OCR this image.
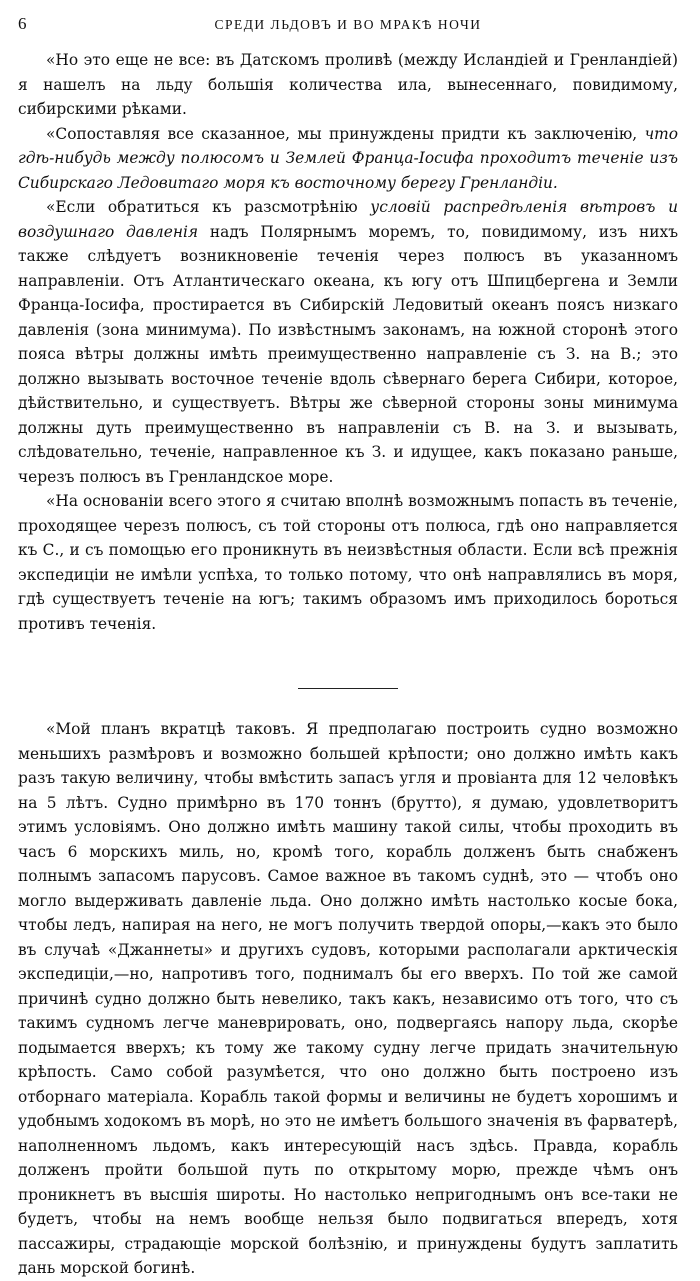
6	СРЕДИ ЛЬДОВЪ И ВО МРАКѢ НОЧИ

«Но это еще не все: въ Датскомъ проливѣ (между Исландіей и Гренландіей) я нашелъ на льду большія количества ила, вынесеннаго, повидимому, сибирскими рѣками.

«Сопоставляя все сказанное, мы принуждены придти къ заключенію, что гдѣ-нибудь между полюсомъ и Землей Франца-Іосифа проходитъ теченіе изъ Сибирскаго Ледовитаго моря къ восточному берегу Гренландіи.

«Если обратиться къ разсмотрѣнію условій распредѣленія вѣтровъ и воздушнаго давленія надъ Полярнымъ моремъ, то, повидимому, изъ нихъ также слѣдуетъ возникновеніе теченія через полюсъ въ указанномъ направленіи. Отъ Атлантическаго океана, къ югу отъ Шпицбергена и Земли Франца-Іосифа, простирается въ Сибирскій Ледовитый океанъ поясъ низкаго давленія (зона минимума). По извѣстнымъ законамъ, на южной сторонѣ этого пояса вѣтры должны имѣть преимущественно направленіе съ З. на В.; это должно вызывать восточное теченіе вдоль сѣвернаго берега Сибири, которое, дѣйствительно, и существуетъ. Вѣтры же сѣверной стороны зоны минимума должны дуть преимущественно въ направленіи съ В. на З. и вызывать, слѣдовательно, теченіе, направленное къ З. и идущее, какъ показано раньше, черезъ полюсъ въ Гренландское море.

«На основаніи всего этого я считаю вполнѣ возможнымъ попасть въ теченіе, проходящее черезъ полюсъ, съ той стороны отъ полюса, гдѣ оно направляется къ С., и съ помощью его проникнуть въ неизвѣстныя области. Если всѣ прежнія экспедиціи не имѣли успѣха, то только потому, что онѣ направлялись въ моря, гдѣ существуетъ теченіе на югъ; такимъ образомъ имъ приходилось бороться противъ теченія.

«Мой планъ вкратцѣ таковъ. Я предполагаю построить судно возможно меньшихъ размѣровъ и возможно большей крѣпости; оно должно имѣть какъ разъ такую величину, чтобы вмѣстить запасъ угля и провіанта для 12 человѣкъ на 5 лѣтъ. Судно примѣрно въ 170 тоннъ (брутто), я думаю, удовлетворитъ этимъ условіямъ. Оно должно имѣть машину такой силы, чтобы проходить въ часъ 6 морскихъ миль, но, кромѣ того, корабль долженъ быть снабженъ полнымъ запасомъ парусовъ. Самое важное въ такомъ суднѣ, это — чтобъ оно могло выдерживать давленіе льда. Оно должно имѣть настолько косые бока, чтобы ледъ, напирая на него, не могъ получить твердой опоры,—какъ это было въ случаѣ «Джаннеты» и другихъ судовъ, которыми располагали арктическія экспедиціи,—но, напротивъ того, поднималъ бы его вверхъ. По той же самой причинѣ судно должно быть невелико, такъ какъ, независимо отъ того, что съ такимъ судномъ легче маневрировать, оно, подвергаясь напору льда, скорѣе подымается вверхъ; къ тому же такому судну легче придать значительную крѣпость. Само собой разумѣется, что оно должно быть построено изъ отборнаго матеріала. Корабль такой формы и величины не будетъ хорошимъ и удобнымъ ходокомъ въ морѣ, но это не имѣетъ большого значенія въ фарватерѣ, наполненномъ льдомъ, какъ интересующій насъ здѣсь. Правда, корабль долженъ пройти большой путь по открытому морю, прежде чѣмъ онъ проникнетъ въ высшія широты. Но настолько непригоднымъ онъ все-таки не будетъ, чтобы на немъ вообще нельзя было подвигаться впередъ, хотя пассажиры, страдающіе морской болѣзнію, и принуждены будутъ заплатить дань морской богинѣ.
